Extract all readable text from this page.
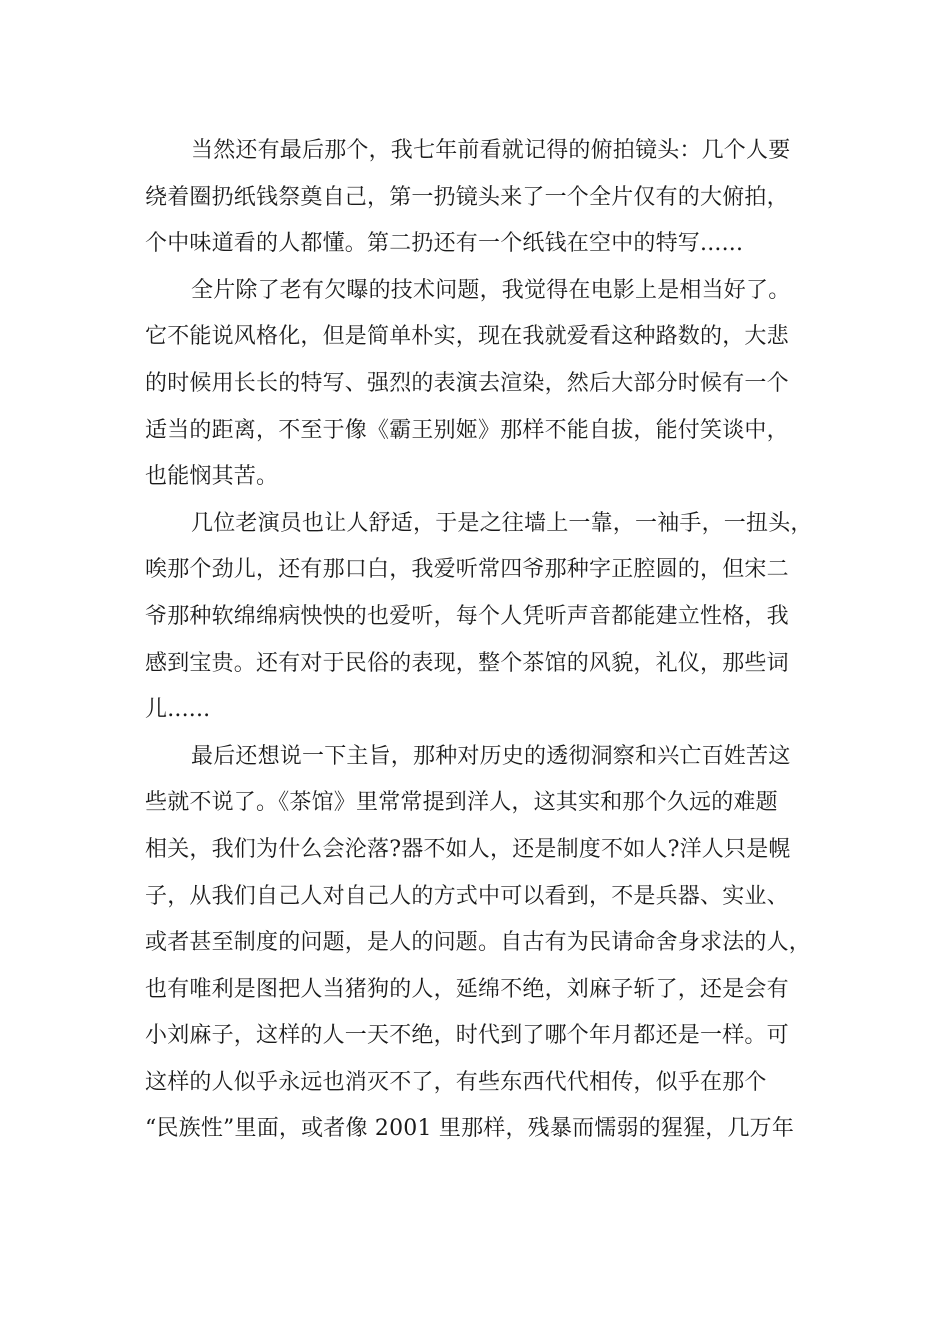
当然还有最后那个，我七年前看就记得的俯拍镜头：几个人要
绕着圈扔纸钱祭奠自己，第一扔镜头来了一个全片仅有的大俯拍，
个中味道看的人都懂。第二扔还有一个纸钱在空中的特写......
全片除了老有欠曝的技术问题，我觉得在电影上是相当好了。
它不能说风格化，但是简单朴实，现在我就爱看这种路数的，大悲
的时候用长长的特写、强烈的表演去渲染，然后大部分时候有一个
适当的距离，不至于像《霸王别姬》那样不能自拔，能付笑谈中，
也能悯其苦。
几位老演员也让人舒适，于是之往墙上一靠，一袖手，一扭头，
唉那个劲儿，还有那口白，我爱听常四爷那种字正腔圆的，但宋二
爷那种软绵绵病怏怏的也爱听，每个人凭听声音都能建立性格，我
感到宝贵。还有对于民俗的表现，整个茶馆的风貌，礼仪，那些词
儿......
最后还想说一下主旨，那种对历史的透彻洞察和兴亡百姓苦这
些就不说了。《茶馆》里常常提到洋人，这其实和那个久远的难题
相关，我们为什么会沦落?器不如人，还是制度不如人?洋人只是幌
子，从我们自己人对自己人的方式中可以看到，不是兵器、实业、
或者甚至制度的问题，是人的问题。自古有为民请命舍身求法的人，
也有唯利是图把人当猪狗的人，延绵不绝，刘麻子斩了，还是会有
小刘麻子，这样的人一天不绝，时代到了哪个年月都还是一样。可
这样的人似乎永远也消灭不了，有些东西代代相传，似乎在那个
“民族性”里面，或者像 2001 里那样，残暴而懦弱的猩猩，几万年
